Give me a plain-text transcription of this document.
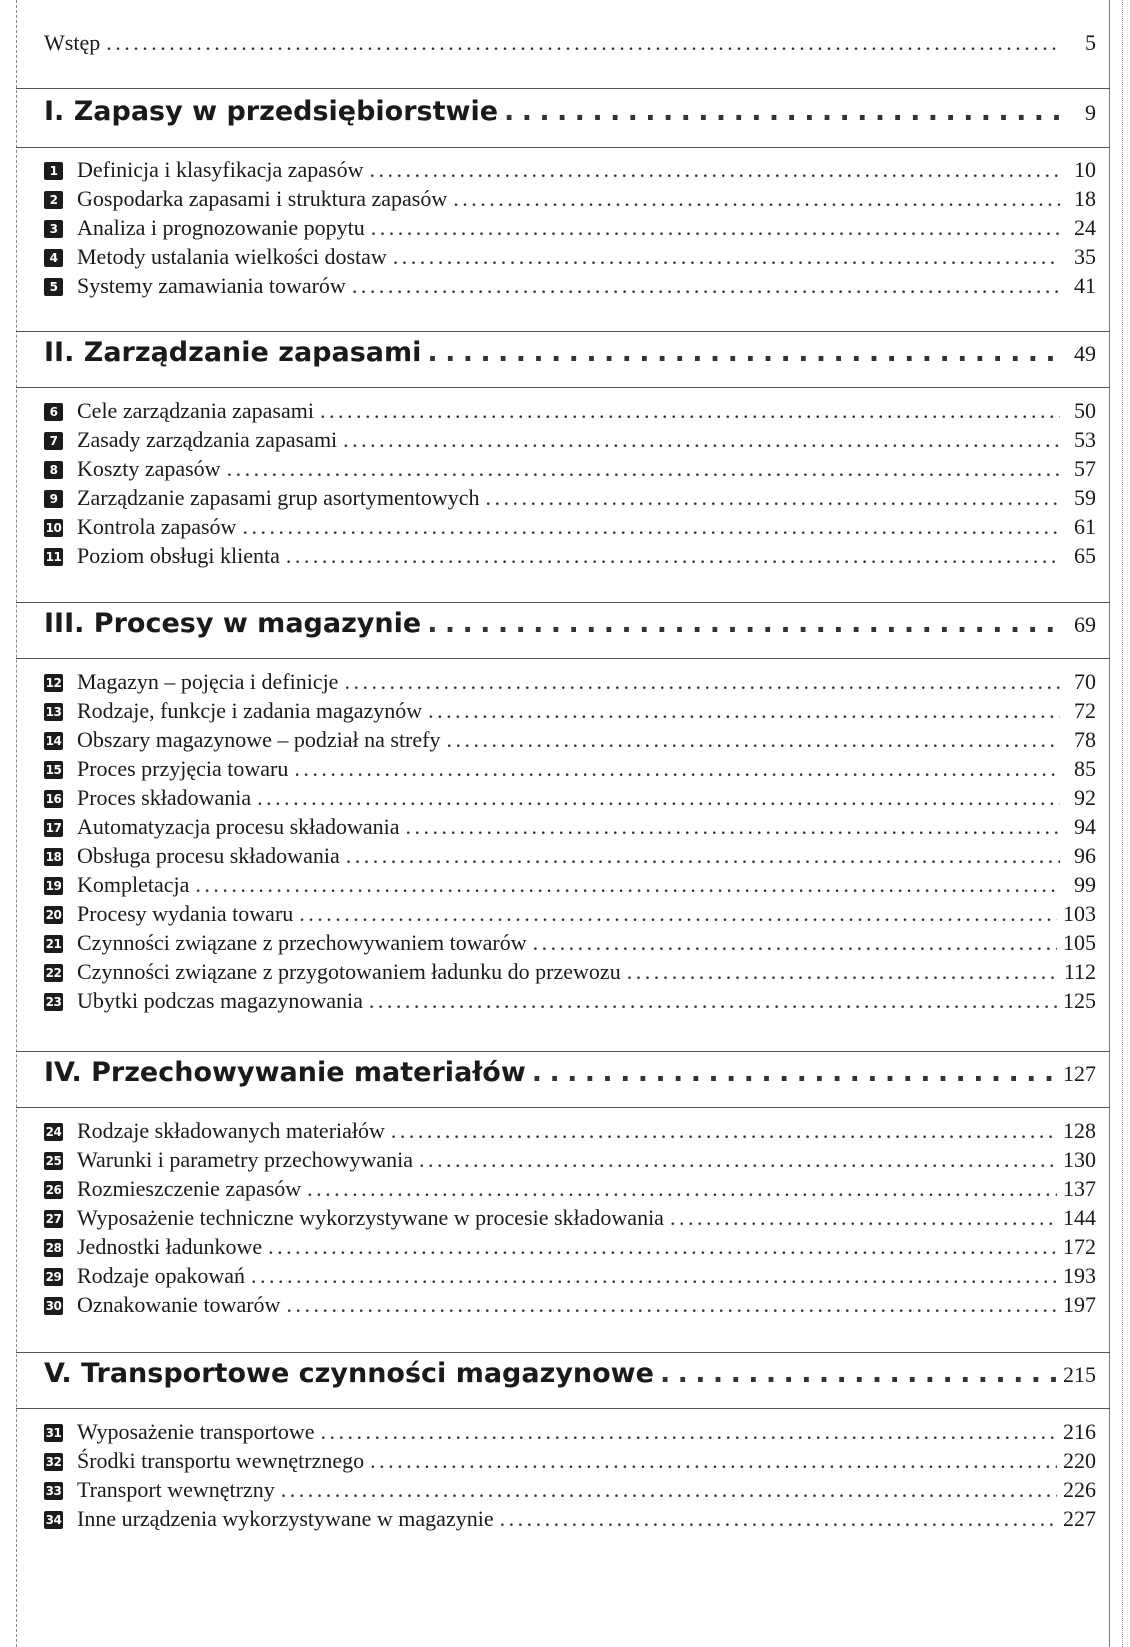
Wstęp . . .	5
I. Zapasy w przedsiębiorstwie . . .	9
1 Definicja i klasyfikacja zapasów . . .	10
2 Gospodarka zapasami i struktura zapasów . . .	18
3 Analiza i prognozowanie popytu . . .	24
4 Metody ustalania wielkości dostaw . . .	35
5 Systemy zamawiania towarów . . .	41
II. Zarządzanie zapasami . . .	49
6 Cele zarządzania zapasami . . .	50
7 Zasady zarządzania zapasami . . .	53
8 Koszty zapasów . . .	57
9 Zarządzanie zapasami grup asortymentowych . . .	59
10 Kontrola zapasów . . .	61
11 Poziom obsługi klienta . . .	65
III. Procesy w magazynie . . .	69
12 Magazyn – pojęcia i definicje . . .	70
13 Rodzaje, funkcje i zadania magazynów . . .	72
14 Obszary magazynowe – podział na strefy . . .	78
15 Proces przyjęcia towaru . . .	85
16 Proces składowania . . .	92
17 Automatyzacja procesu składowania . . .	94
18 Obsługa procesu składowania . . .	96
19 Kompletacja . . .	99
20 Procesy wydania towaru . . .	103
21 Czynności związane z przechowywaniem towarów . . .	105
22 Czynności związane z przygotowaniem ładunku do przewozu . . .	112
23 Ubytki podczas magazynowania . . .	125
IV. Przechowywanie materiałów . . .	127
24 Rodzaje składowanych materiałów . . .	128
25 Warunki i parametry przechowywania . . .	130
26 Rozmieszczenie zapasów . . .	137
27 Wyposażenie techniczne wykorzystywane w procesie składowania . . .	144
28 Jednostki ładunkowe . . .	172
29 Rodzaje opakowań . . .	193
30 Oznakowanie towarów . . .	197
V. Transportowe czynności magazynowe . . .	215
31 Wyposażenie transportowe . . .	216
32 Środki transportu wewnętrznego . . .	220
33 Transport wewnętrzny . . .	226
34 Inne urządzenia wykorzystywane w magazynie . . .	227
